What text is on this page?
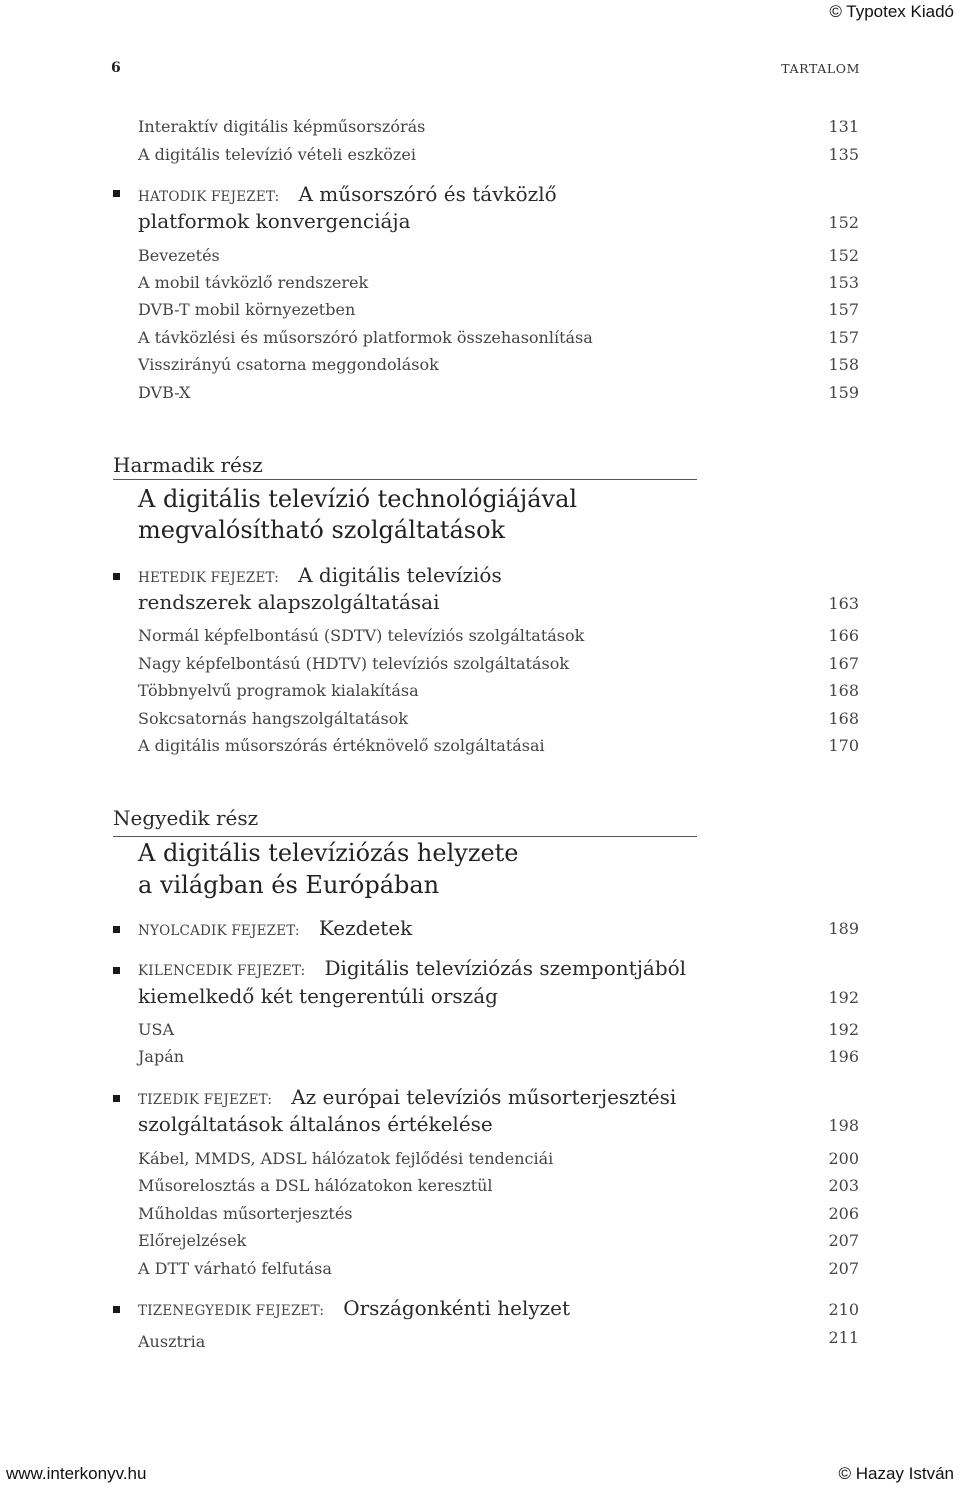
© Typotex Kiadó
6	TARTALOM
Interaktív digitális képműsorszórás	131
A digitális televízió vételi eszközei	135
HATODIK FEJEZET: A műsorszóró és távközlő
platformok konvergenciája	152
Bevezetés	152
A mobil távközlő rendszerek	153
DVB-T mobil környezetben	157
A távközlési és műsorszóró platformok összehasonlítása	157
Visszirányú csatorna meggondolások	158
DVB-X	159
Harmadik rész
A digitális televízió technológiájával
megvalósítható szolgáltatások
HETEDIK FEJEZET: A digitális televíziós
rendszerek alapszolgáltatásai	163
Normál képfelbontású (SDTV) televíziós szolgáltatások	166
Nagy képfelbontású (HDTV) televíziós szolgáltatások	167
Többnyelvű programok kialakítása	168
Sokcsatornás hangszolgáltatások	168
A digitális műsorszórás értéknövelő szolgáltatásai	170
Negyedik rész
A digitális televíziózás helyzete
a világban és Európában
NYOLCADIK FEJEZET: Kezdetek	189
KILENCEDIK FEJEZET: Digitális televíziózás szempontjából
kiemelkedő két tengerentúli ország	192
USA	192
Japán	196
TIZEDIK FEJEZET: Az európai televíziós műsorterjesztési
szolgáltatások általános értékelése	198
Kábel, MMDS, ADSL hálózatok fejlődési tendenciái	200
Műsorelosztás a DSL hálózatokon keresztül	203
Műholdas műsorterjesztés	206
Előrejelzések	207
A DTT várható felfutása	207
TIZENEGYEDIK FEJEZET: Országonkénti helyzet	210
Ausztria	211
www.interkonyv.hu	© Hazay István
